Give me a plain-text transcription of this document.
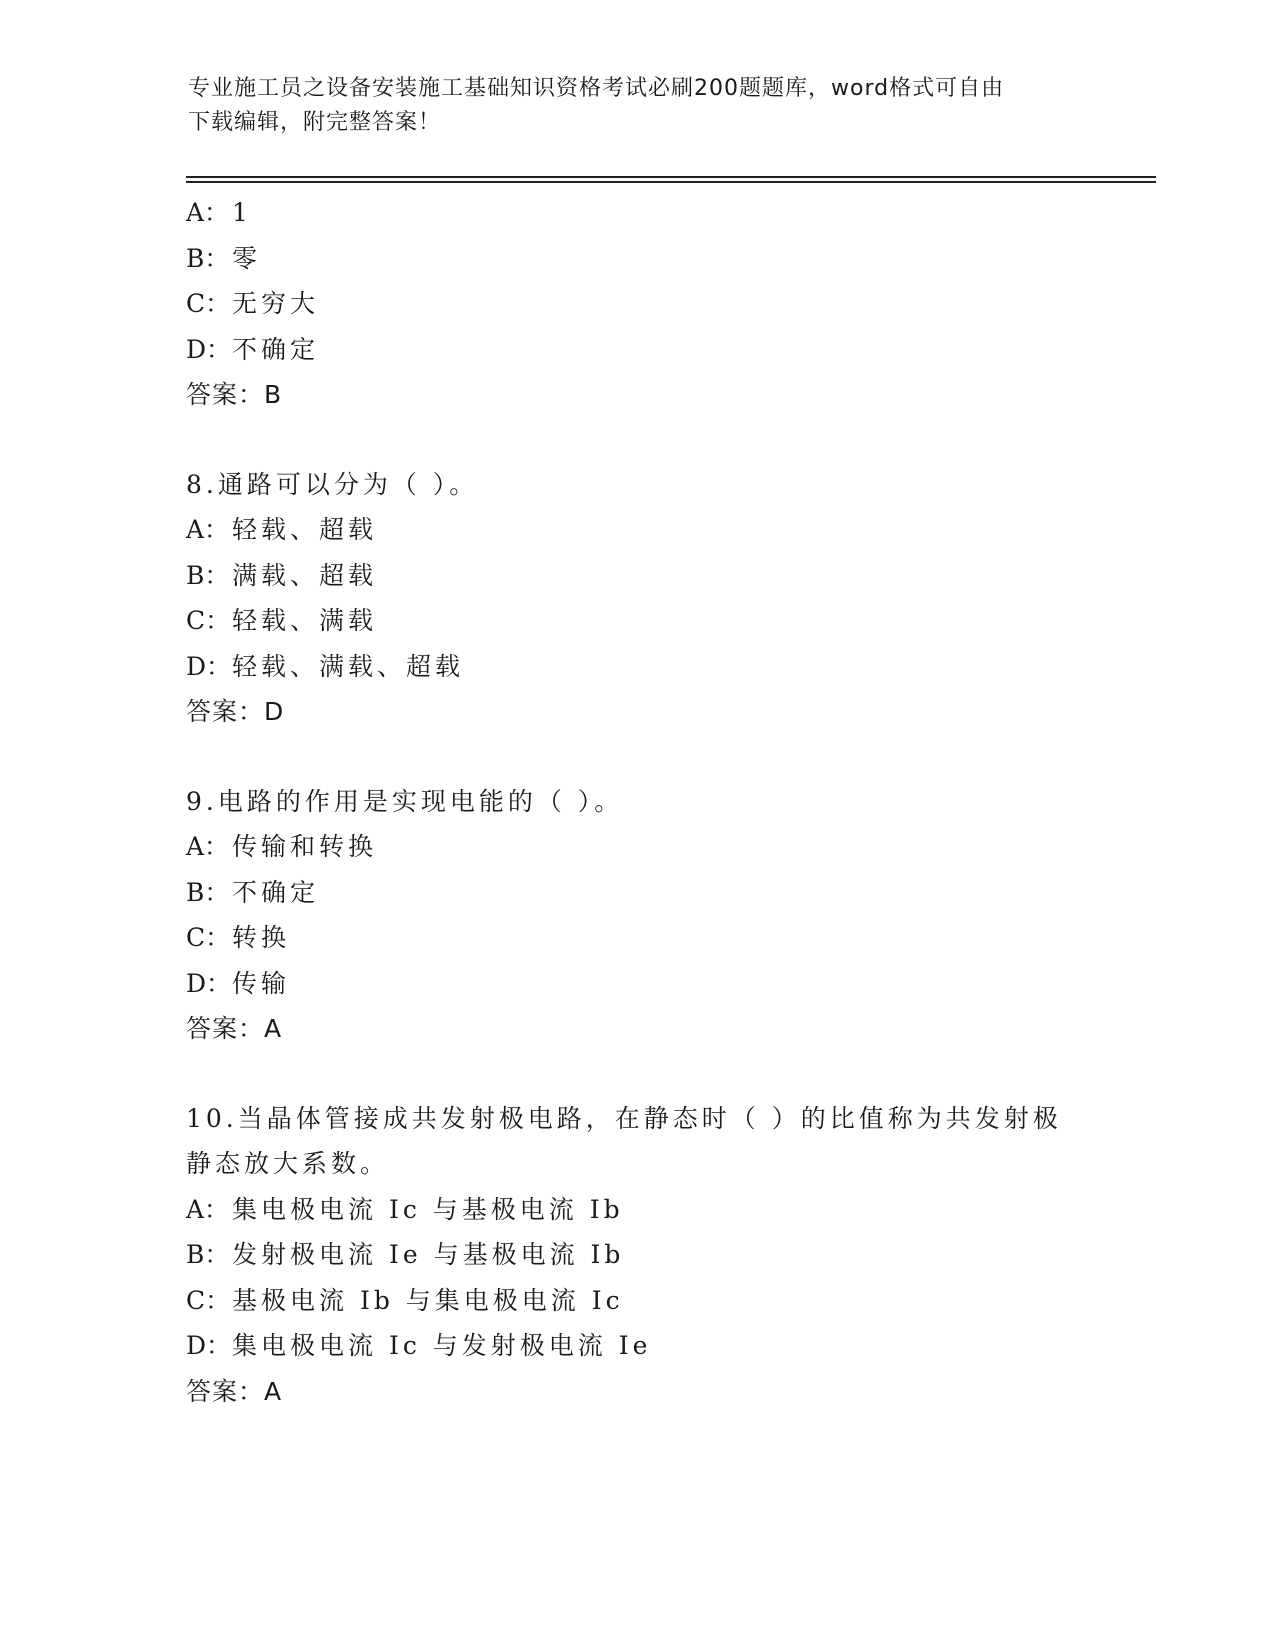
专业施工员之设备安装施工基础知识资格考试必刷200题题库，word格式可自由
下载编辑，附完整答案！
A： 1
B： 零
C：无穷大
D：不确定
答案：B
8.通路可以分为（ ）。
A： 轻载、超载
B： 满载、超载
C：轻载、满载
D：轻载、满载、超载
答案：D
9.电路的作用是实现电能的（ ）。
A： 传输和转换
B： 不确定
C：转换
D：传输
答案：A
10.当晶体管接成共发射极电路，在静态时（ ）的比值称为共发射极
静态放大系数。
A： 集电极电流 Ic 与基极电流 Ib
B： 发射极电流 Ie 与基极电流 Ib
C：基极电流 Ib 与集电极电流 Ic
D：集电极电流 Ic 与发射极电流 Ie
答案：A
